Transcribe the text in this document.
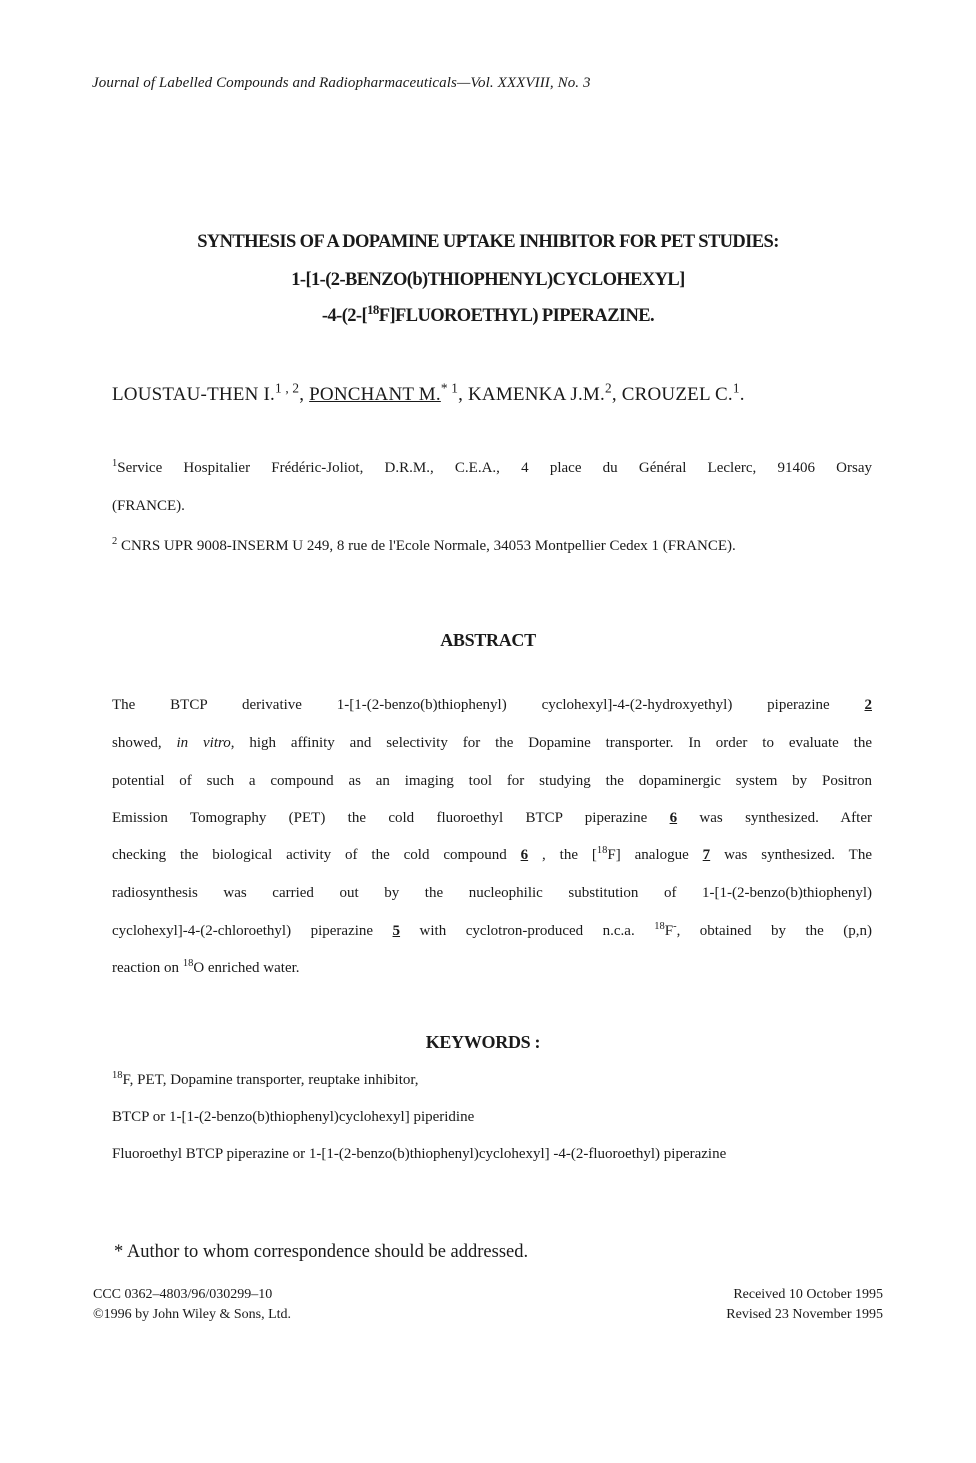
Journal of Labelled Compounds and Radiopharmaceuticals—Vol. XXXVIII, No. 3
SYNTHESIS OF A DOPAMINE UPTAKE INHIBITOR FOR PET STUDIES:
1-[1-(2-BENZO(b)THIOPHENYL)CYCLOHEXYL]
-4-(2-[$^{18}$F]FLUOROETHYL) PIPERAZINE.
LOUSTAU-THEN I.$^{1 , 2}$, PONCHANT M.$^{* 1}$, KAMENKA J.M.$^2$, CROUZEL C.$^1$.
$^1$Service Hospitalier Frédéric-Joliot, D.R.M., C.E.A., 4 place du Général Leclerc, 91406 Orsay
(FRANCE).
$^2$ CNRS UPR 9008-INSERM U 249, 8 rue de l'Ecole Normale, 34053 Montpellier Cedex 1 (FRANCE).
ABSTRACT
The BTCP derivative 1-[1-(2-benzo(b)thiophenyl) cyclohexyl]-4-(2-hydroxyethyl) piperazine 2
showed, in vitro, high affinity and selectivity for the Dopamine transporter. In order to evaluate the
potential of such a compound as an imaging tool for studying the dopaminergic system by Positron
Emission Tomography (PET) the cold fluoroethyl BTCP piperazine 6 was synthesized. After
checking the biological activity of the cold compound 6 , the [$^{18}$F] analogue 7 was synthesized. The
radiosynthesis was carried out by the nucleophilic substitution of 1-[1-(2-benzo(b)thiophenyl)
cyclohexyl]-4-(2-chloroethyl) piperazine 5 with cyclotron-produced n.c.a. $^{18}$F-, obtained by the (p,n)
reaction on $^{18}$O enriched water.
KEYWORDS :
$^{18}$F, PET, Dopamine transporter, reuptake inhibitor,
BTCP or 1-[1-(2-benzo(b)thiophenyl)cyclohexyl] piperidine
Fluoroethyl BTCP piperazine or 1-[1-(2-benzo(b)thiophenyl)cyclohexyl] -4-(2-fluoroethyl) piperazine
* Author to whom correspondence should be addressed.
CCC 0362–4803/96/030299–10
©1996 by John Wiley & Sons, Ltd.
Received 10 October 1995
Revised 23 November 1995
